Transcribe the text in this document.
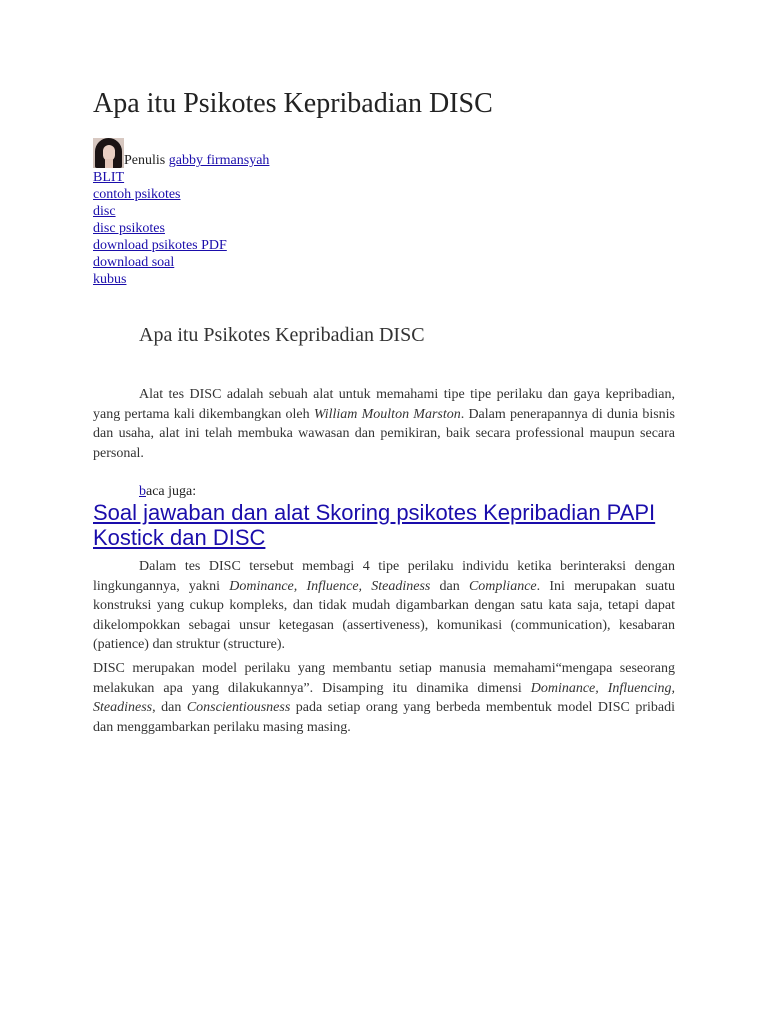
Apa itu Psikotes Kepribadian DISC
Penulis gabby firmansyah
BLIT
contoh psikotes
disc
disc psikotes
download psikotes PDF
download soal
kubus
Apa itu Psikotes Kepribadian DISC

Alat tes DISC adalah sebuah alat untuk memahami tipe tipe perilaku dan gaya kepribadian, yang pertama kali dikembangkan oleh William Moulton Marston. Dalam penerapannya di dunia bisnis dan usaha, alat ini telah membuka wawasan dan pemikiran, baik secara professional maupun secara personal.

baca juga:
Soal jawaban dan alat Skoring psikotes Kepribadian PAPI Kostick dan DISC

Dalam tes DISC tersebut membagi 4 tipe perilaku individu ketika berinteraksi dengan lingkungannya, yakni Dominance, Influence, Steadiness dan Compliance. Ini merupakan suatu konstruksi yang cukup kompleks, dan tidak mudah digambarkan dengan satu kata saja, tetapi dapat dikelompokkan sebagai unsur ketegasan (assertiveness), komunikasi (communication), kesabaran (patience) dan struktur (structure).

DISC merupakan model perilaku yang membantu setiap manusia memahami“mengapa seseorang melakukan apa yang dilakukannya”. Disamping itu dinamika dimensi Dominance, Influencing, Steadiness, dan Conscientiousness pada setiap orang yang berbeda membentuk model DISC pribadi dan menggambarkan perilaku masing masing.
